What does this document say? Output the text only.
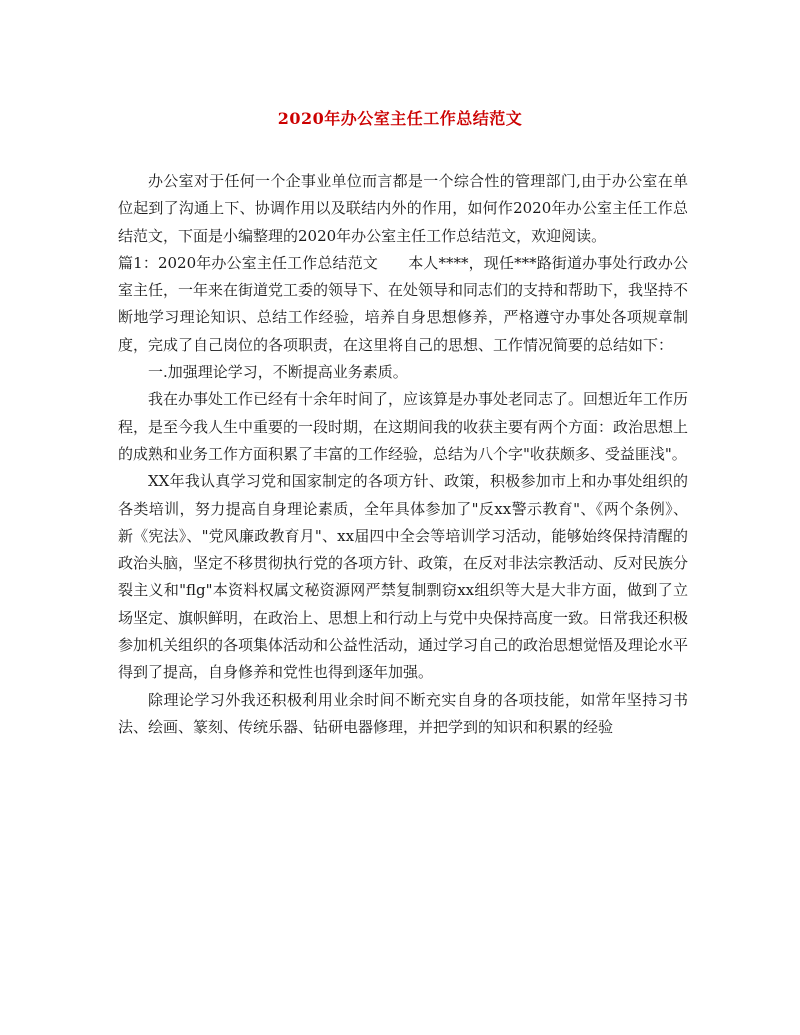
2020年办公室主任工作总结范文

办公室对于任何一个企事业单位而言都是一个综合性的管理部门,由于办公室在单位起到了沟通上下、协调作用以及联结内外的作用，如何作2020年办公室主任工作总结范文，下面是小编整理的2020年办公室主任工作总结范文，欢迎阅读。

篇1：2020年办公室主任工作总结范文　　本人****，现任***路街道办事处行政办公室主任，一年来在街道党工委的领导下、在处领导和同志们的支持和帮助下，我坚持不断地学习理论知识、总结工作经验，培养自身思想修养，严格遵守办事处各项规章制度，完成了自己岗位的各项职责，在这里将自己的思想、工作情况简要的总结如下：

一.加强理论学习，不断提高业务素质。

我在办事处工作已经有十余年时间了，应该算是办事处老同志了。回想近年工作历程，是至今我人生中重要的一段时期，在这期间我的收获主要有两个方面：政治思想上的成熟和业务工作方面积累了丰富的工作经验，总结为八个字"收获颇多、受益匪浅"。

XX年我认真学习党和国家制定的各项方针、政策，积极参加市上和办事处组织的各类培训，努力提高自身理论素质，全年具体参加了"反xx警示教育"、《两个条例》、新《宪法》、"党风廉政教育月"、xx届四中全会等培训学习活动，能够始终保持清醒的政治头脑，坚定不移贯彻执行党的各项方针、政策，在反对非法宗教活动、反对民族分裂主义和"flg"本资料权属文秘资源网严禁复制剽窃xx组织等大是大非方面，做到了立场坚定、旗帜鲜明，在政治上、思想上和行动上与党中央保持高度一致。日常我还积极参加机关组织的各项集体活动和公益性活动，通过学习自己的政治思想觉悟及理论水平得到了提高，自身修养和党性也得到逐年加强。

除理论学习外我还积极利用业余时间不断充实自身的各项技能，如常年坚持习书法、绘画、篆刻、传统乐器、钻研电器修理，并把学到的知识和积累的经验
